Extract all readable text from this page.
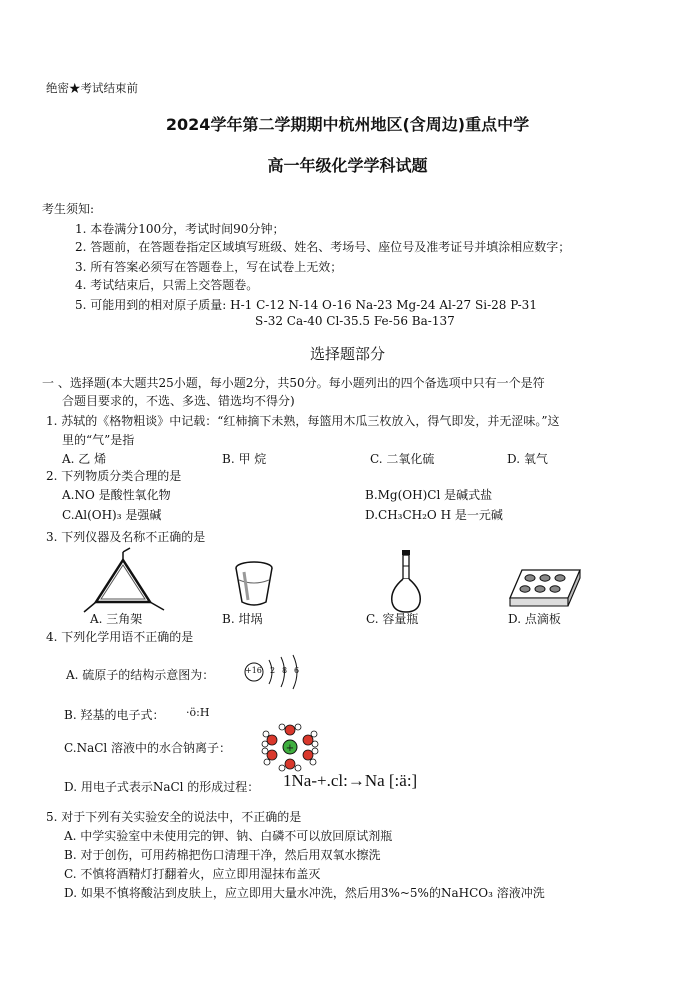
绝密★考试结束前
2024学年第二学期期中杭州地区(含周边)重点中学
高一年级化学学科试题
考生须知:
1. 本卷满分100分，考试时间90分钟；
2. 答题前，在答题卷指定区域填写班级、姓名、考场号、座位号及准考证号并填涂相应数字；
3. 所有答案必须写在答题卷上，写在试卷上无效；
4. 考试结束后，只需上交答题卷。
5. 可能用到的相对原子质量: H-1 C-12 N-14 O-16 Na-23 Mg-24 Al-27 Si-28 P-31
S-32 Ca-40 Cl-35.5 Fe-56 Ba-137
选择题部分
一 、选择题(本大题共25小题，每小题2分，共50分。每小题列出的四个备选项中只有一个是符
合题目要求的，不选、多选、错选均不得分)
1. 苏轼的《格物粗谈》中记载：“红柿摘下未熟，每篮用木瓜三枚放入，得气即发，并无涩味。”这
里的“气”是指
A. 乙 烯	B. 甲 烷	C. 二氧化硫	D. 氧气
2. 下列物质分类合理的是
A.NO 是酸性氧化物	B.Mg(OH)Cl 是碱式盐
C.Al(OH)₃ 是强碱	D.CH₃CH₂O H 是一元碱
3. 下列仪器及名称不正确的是
A. 三角架	B. 坩埚	C. 容量瓶	D. 点滴板
4. 下列化学用语不正确的是
A. 硫原子的结构示意图为：	+16 2 8 6
B. 羟基的电子式： ·ö:H
C.NaCl 溶液中的水合钠离子：	+
D. 用电子式表示NaCl 的形成过程： 1Na-+.cl:→Na [:ä:]
5. 对于下列有关实验安全的说法中，不正确的是
A. 中学实验室中未使用完的钾、钠、白磷不可以放回原试剂瓶
B. 对于创伤，可用药棉把伤口清理干净，然后用双氧水擦洗
C. 不慎将酒精灯打翻着火，应立即用湿抹布盖灭
D. 如果不慎将酸沾到皮肤上，应立即用大量水冲洗，然后用3%~5%的NaHCO₃ 溶液冲洗
